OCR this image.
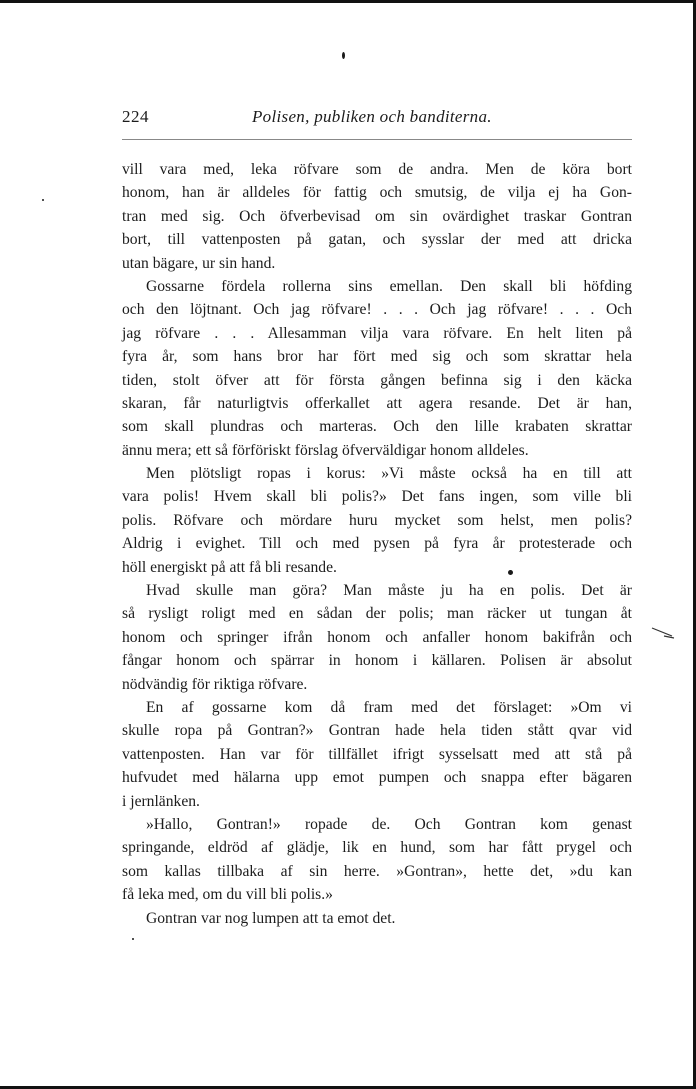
224	Polisen, publiken och banditerna.
vill vara med, leka röfvare som de andra. Men de köra bort
honom, han är alldeles för fattig och smutsig, de vilja ej ha Gon-
tran med sig. Och öfverbevisad om sin ovärdighet traskar Gontran
bort, till vattenposten på gatan, och sysslar der med att dricka
utan bägare, ur sin hand.
Gossarne fördela rollerna sins emellan. Den skall bli höfding
och den löjtnant. Och jag röfvare! . . . Och jag röfvare! . . . Och
jag röfvare . . . Allesamman vilja vara röfvare. En helt liten på
fyra år, som hans bror har fört med sig och som skrattar hela
tiden, stolt öfver att för första gången befinna sig i den käcka
skaran, får naturligtvis offerkallet att agera resande. Det är han,
som skall plundras och marteras. Och den lille krabaten skrattar
ännu mera; ett så förföriskt förslag öfverväldigar honom alldeles.
Men plötsligt ropas i korus: »Vi måste också ha en till att
vara polis! Hvem skall bli polis?» Det fans ingen, som ville bli
polis. Röfvare och mördare huru mycket som helst, men polis?
Aldrig i evighet. Till och med pysen på fyra år protesterade och
höll energiskt på att få bli resande.
Hvad skulle man göra? Man måste ju ha en polis. Det är
så rysligt roligt med en sådan der polis; man räcker ut tungan åt
honom och springer ifrån honom och anfaller honom bakifrån och
fångar honom och spärrar in honom i källaren. Polisen är absolut
nödvändig för riktiga röfvare.
En af gossarne kom då fram med det förslaget: »Om vi
skulle ropa på Gontran?» Gontran hade hela tiden stått qvar vid
vattenposten. Han var för tillfället ifrigt sysselsatt med att stå på
hufvudet med hälarna upp emot pumpen och snappa efter bägaren
i jernlänken.
»Hallo, Gontran!» ropade de. Och Gontran kom genast
springande, eldröd af glädje, lik en hund, som har fått prygel och
som kallas tillbaka af sin herre. »Gontran», hette det, »du kan
få leka med, om du vill bli polis.»
Gontran var nog lumpen att ta emot det.
